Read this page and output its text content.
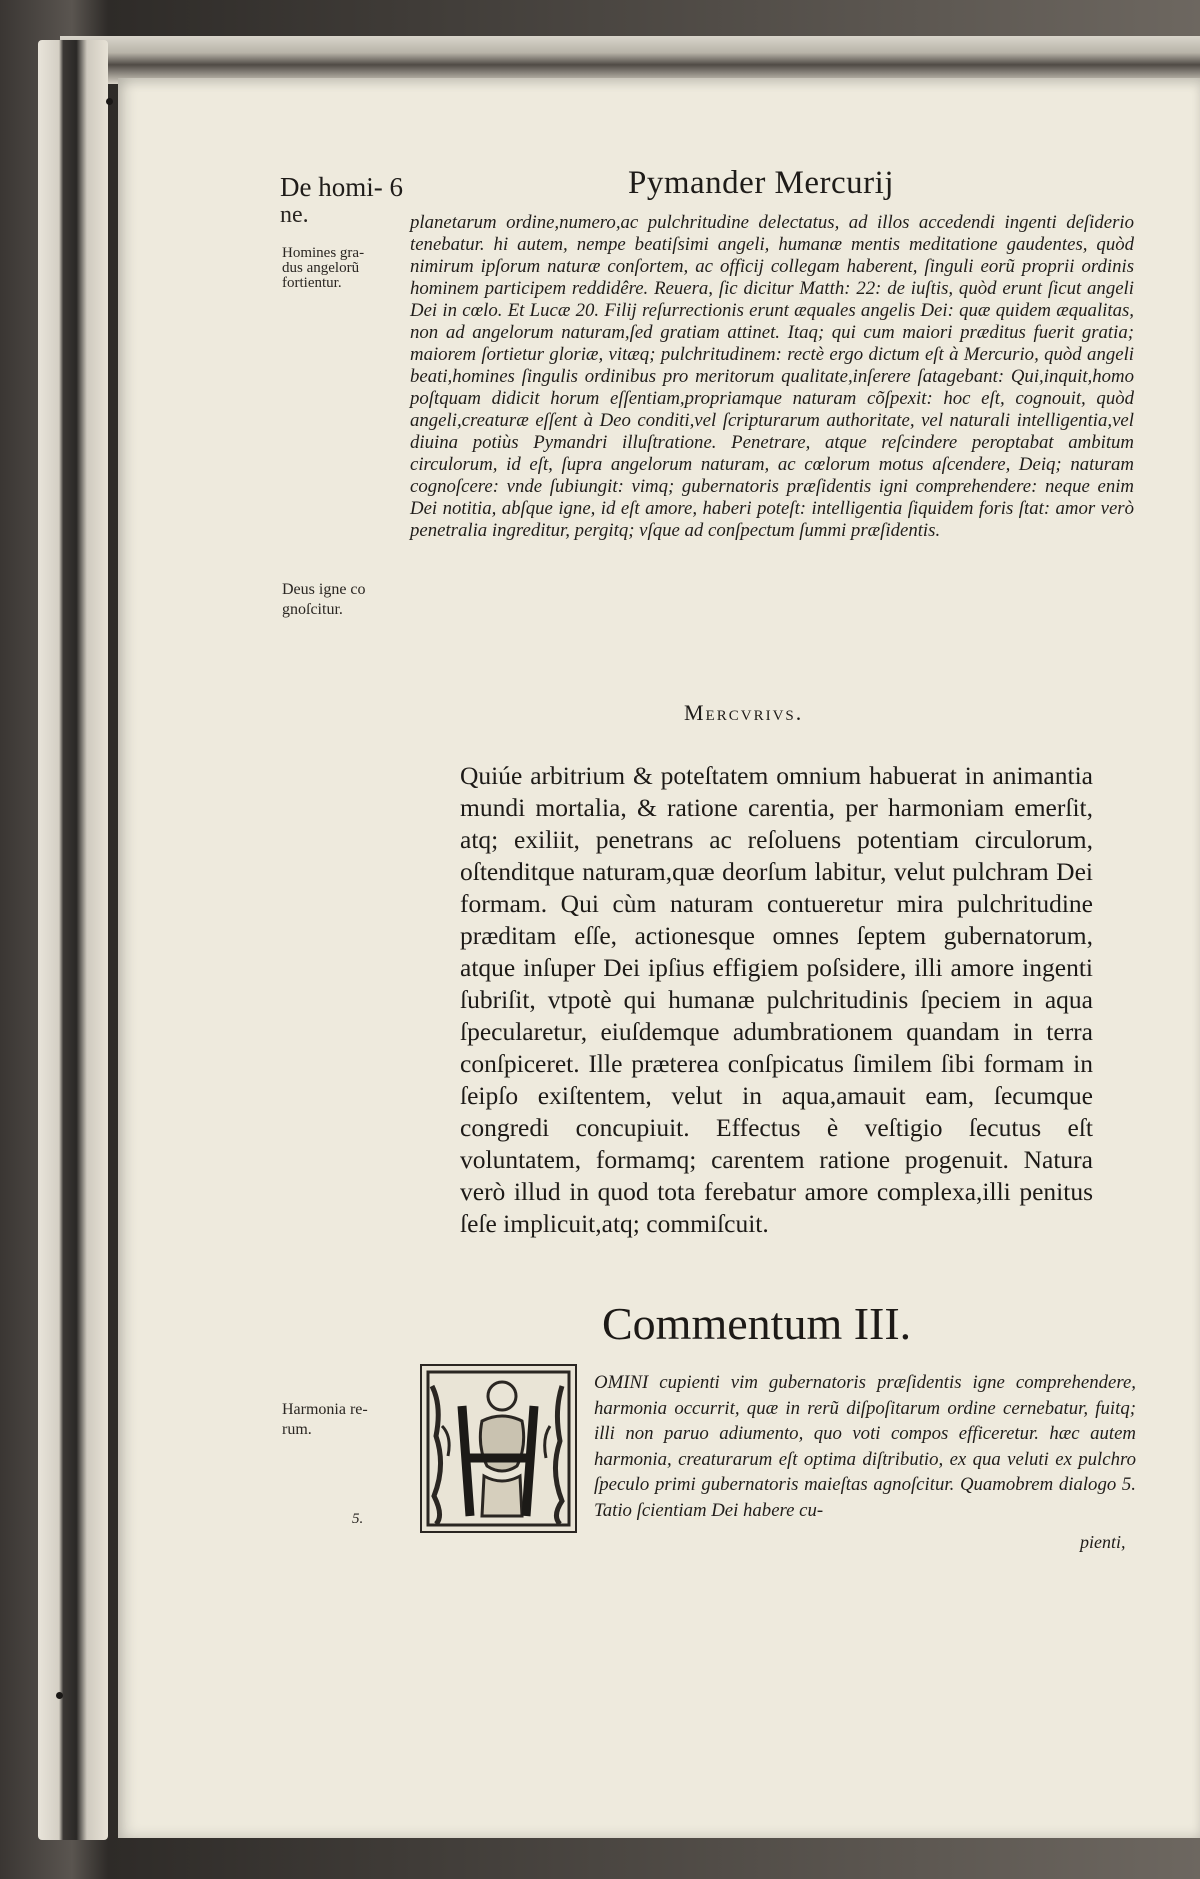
De homi- 6	Pymander Mercurij
ne.
Homines gra-
dus angelorũ
fortientur.
Deus igne co
gnoſcitur.
Harmonia re-
rum.
5.
planetarum ordine,numero,ac pulchritudine delectatus, ad illos accedendi ingenti deſiderio tenebatur. hi autem, nempe beatiſsimi angeli, humanæ mentis meditatione gaudentes, quòd nimirum ipſorum naturæ conſortem, ac officij collegam haberent, ſinguli eorũ proprii ordinis hominem participem reddidêre. Reuera, ſic dicitur Matth: 22: de iuſtis, quòd erunt ſicut angeli Dei in cœlo. Et Lucæ 20. Filij reſurrectionis erunt æquales angelis Dei: quæ quidem æqualitas, non ad angelorum naturam,ſed gratiam attinet. Itaq; qui cum maiori præditus fuerit gratia; maiorem ſortietur gloriæ, vitæq; pulchritudinem: rectè ergo dictum eſt à Mercurio, quòd angeli beati,homines ſingulis ordinibus pro meritorum qualitate,inſerere ſatagebant: Qui,inquit,homo poſtquam didicit horum eſſentiam,propriamque naturam cõſpexit: hoc eſt, cognouit, quòd angeli,creaturæ eſſent à Deo conditi,vel ſcripturarum authoritate, vel naturali intelligentia,vel diuina potiùs Pymandri illuſtratione. Penetrare, atque reſcindere peroptabat ambitum circulorum, id eſt, ſupra angelorum naturam, ac cœlorum motus aſcendere, Deiq; naturam cognoſcere: vnde ſubiungit: vimq; gubernatoris præſidentis igni comprehendere: neque enim Dei notitia, abſque igne, id eſt amore, haberi poteſt: intelligentia ſiquidem foris ſtat: amor verò penetralia ingreditur, pergitq; vſque ad conſpectum ſummi præſidentis.
Mercvrivs.
Quiúe arbitrium & poteſtatem omnium habuerat in animantia mundi mortalia, & ratione carentia, per harmoniam emerſit, atq; exiliit, penetrans ac reſoluens potentiam circulorum, oſtenditque naturam,quæ deorſum labitur, velut pulchram Dei formam. Qui cùm naturam contueretur mira pulchritudine præditam eſſe, actionesque omnes ſeptem gubernatorum, atque inſuper Dei ipſius effigiem poſsidere, illi amore ingenti ſubriſit, vtpotè qui humanæ pulchritudinis ſpeciem in aqua ſpecularetur, eiuſdemque adumbrationem quandam in terra conſpiceret. Ille præterea conſpicatus ſimilem ſibi formam in ſeipſo exiſtentem, velut in aqua,amauit eam, ſecumque congredi concupiuit. Effectus è veſtigio ſecutus eſt voluntatem, formamq; carentem ratione progenuit. Natura verò illud in quod tota ferebatur amore complexa,illi penitus ſeſe implicuit,atq; commiſcuit.
Commentum III.
OMINI cupienti vim gubernatoris præſidentis igne comprehendere, harmonia occurrit, quæ in rerũ diſpoſitarum ordine cernebatur, fuitq; illi non paruo adiumento, quo voti compos efficeretur. hæc autem harmonia, creaturarum eſt optima diſtributio, ex qua veluti ex pulchro ſpeculo primi gubernatoris maieſtas agnoſcitur. Quamobrem dialogo 5. Tatio ſcientiam Dei habere cu-
pienti,
